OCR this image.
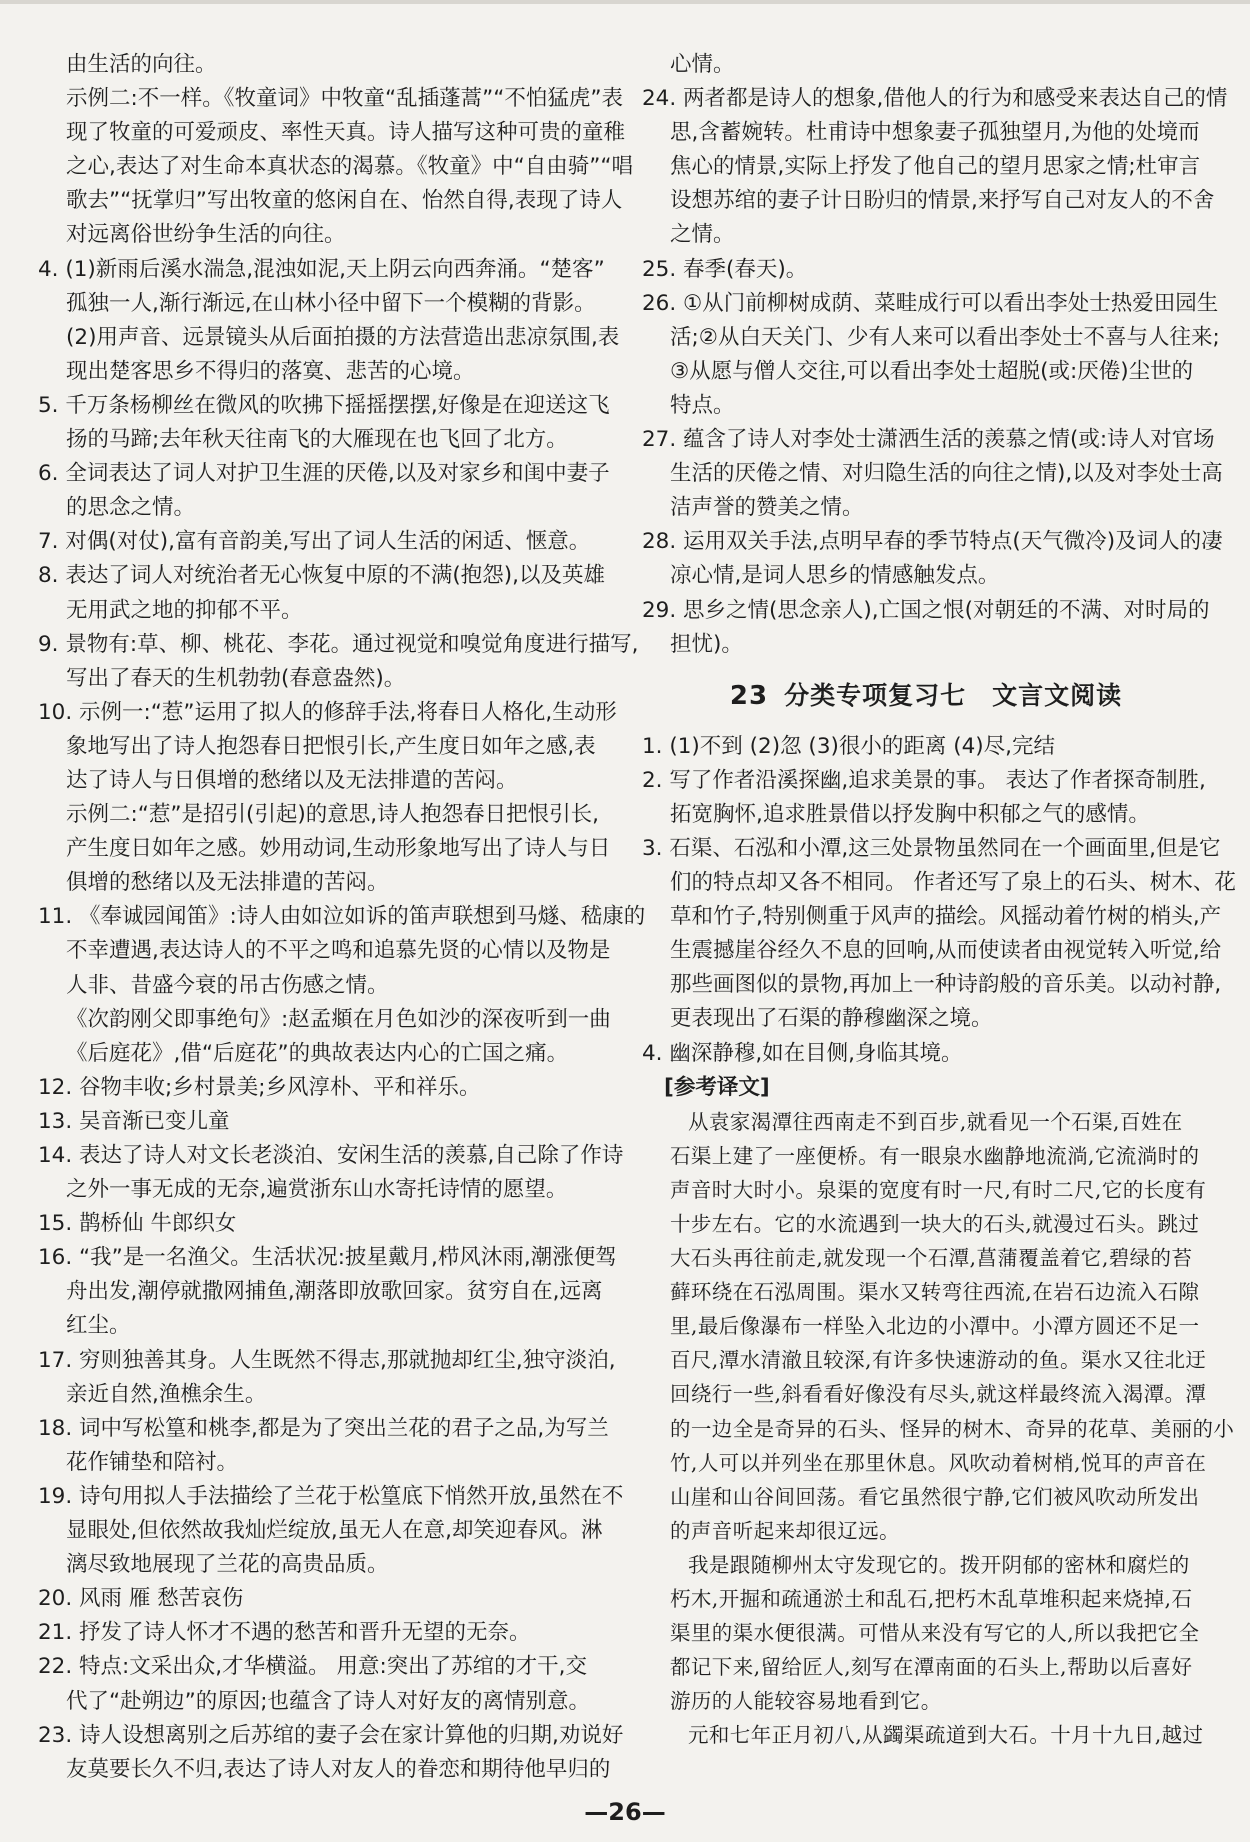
由生活的向往。
示例二:不一样。《牧童词》中牧童“乱插蓬蒿”“不怕猛虎”表
现了牧童的可爱顽皮、率性天真。诗人描写这种可贵的童稚
之心,表达了对生命本真状态的渴慕。《牧童》中“自由骑”“唱
歌去”“抚掌归”写出牧童的悠闲自在、怡然自得,表现了诗人
对远离俗世纷争生活的向往。
4. (1)新雨后溪水湍急,混浊如泥,天上阴云向西奔涌。“楚客”
孤独一人,渐行渐远,在山林小径中留下一个模糊的背影。
(2)用声音、远景镜头从后面拍摄的方法营造出悲凉氛围,表
现出楚客思乡不得归的落寞、悲苦的心境。
5. 千万条杨柳丝在微风的吹拂下摇摇摆摆,好像是在迎送这飞
扬的马蹄;去年秋天往南飞的大雁现在也飞回了北方。
6. 全词表达了词人对护卫生涯的厌倦,以及对家乡和闺中妻子
的思念之情。
7. 对偶(对仗),富有音韵美,写出了词人生活的闲适、惬意。
8. 表达了词人对统治者无心恢复中原的不满(抱怨),以及英雄
无用武之地的抑郁不平。
9. 景物有:草、柳、桃花、李花。通过视觉和嗅觉角度进行描写,
写出了春天的生机勃勃(春意盎然)。
10. 示例一:“惹”运用了拟人的修辞手法,将春日人格化,生动形
象地写出了诗人抱怨春日把恨引长,产生度日如年之感,表
达了诗人与日俱增的愁绪以及无法排遣的苦闷。
示例二:“惹”是招引(引起)的意思,诗人抱怨春日把恨引长,
产生度日如年之感。妙用动词,生动形象地写出了诗人与日
俱增的愁绪以及无法排遣的苦闷。
11. 《奉诚园闻笛》:诗人由如泣如诉的笛声联想到马燧、嵇康的
不幸遭遇,表达诗人的不平之鸣和追慕先贤的心情以及物是
人非、昔盛今衰的吊古伤感之情。
《次韵刚父即事绝句》:赵孟頫在月色如沙的深夜听到一曲
《后庭花》,借“后庭花”的典故表达内心的亡国之痛。
12. 谷物丰收;乡村景美;乡风淳朴、平和祥乐。
13. 吴音渐已变儿童
14. 表达了诗人对文长老淡泊、安闲生活的羡慕,自己除了作诗
之外一事无成的无奈,遍赏浙东山水寄托诗情的愿望。
15. 鹊桥仙 牛郎织女
16. “我”是一名渔父。生活状况:披星戴月,栉风沐雨,潮涨便驾
舟出发,潮停就撒网捕鱼,潮落即放歌回家。贫穷自在,远离
红尘。
17. 穷则独善其身。人生既然不得志,那就抛却红尘,独守淡泊,
亲近自然,渔樵余生。
18. 词中写松篁和桃李,都是为了突出兰花的君子之品,为写兰
花作铺垫和陪衬。
19. 诗句用拟人手法描绘了兰花于松篁底下悄然开放,虽然在不
显眼处,但依然故我灿烂绽放,虽无人在意,却笑迎春风。淋
漓尽致地展现了兰花的高贵品质。
20. 风雨 雁 愁苦哀伤
21. 抒发了诗人怀才不遇的愁苦和晋升无望的无奈。
22. 特点:文采出众,才华横溢。 用意:突出了苏绾的才干,交
代了“赴朔边”的原因;也蕴含了诗人对好友的离情别意。
23. 诗人设想离别之后苏绾的妻子会在家计算他的归期,劝说好
友莫要长久不归,表达了诗人对友人的眷恋和期待他早归的
心情。
24. 两者都是诗人的想象,借他人的行为和感受来表达自己的情
思,含蓄婉转。杜甫诗中想象妻子孤独望月,为他的处境而
焦心的情景,实际上抒发了他自己的望月思家之情;杜审言
设想苏绾的妻子计日盼归的情景,来抒写自己对友人的不舍
之情。
25. 春季(春天)。
26. ①从门前柳树成荫、菜畦成行可以看出李处士热爱田园生
活;②从白天关门、少有人来可以看出李处士不喜与人往来;
③从愿与僧人交往,可以看出李处士超脱(或:厌倦)尘世的
特点。
27. 蕴含了诗人对李处士潇洒生活的羡慕之情(或:诗人对官场
生活的厌倦之情、对归隐生活的向往之情),以及对李处士高
洁声誉的赞美之情。
28. 运用双关手法,点明早春的季节特点(天气微冷)及词人的凄
凉心情,是词人思乡的情感触发点。
29. 思乡之情(思念亲人),亡国之恨(对朝廷的不满、对时局的
担忧)。
23 分类专项复习七 文言文阅读
1. (1)不到 (2)忽 (3)很小的距离 (4)尽,完结
2. 写了作者沿溪探幽,追求美景的事。 表达了作者探奇制胜,
拓宽胸怀,追求胜景借以抒发胸中积郁之气的感情。
3. 石渠、石泓和小潭,这三处景物虽然同在一个画面里,但是它
们的特点却又各不相同。 作者还写了泉上的石头、树木、花
草和竹子,特别侧重于风声的描绘。风摇动着竹树的梢头,产
生震撼崖谷经久不息的回响,从而使读者由视觉转入听觉,给
那些画图似的景物,再加上一种诗韵般的音乐美。以动衬静,
更表现出了石渠的静穆幽深之境。
4. 幽深静穆,如在目侧,身临其境。
[参考译文]
从袁家渴潭往西南走不到百步,就看见一个石渠,百姓在
石渠上建了一座便桥。有一眼泉水幽静地流淌,它流淌时的
声音时大时小。泉渠的宽度有时一尺,有时二尺,它的长度有
十步左右。它的水流遇到一块大的石头,就漫过石头。跳过
大石头再往前走,就发现一个石潭,菖蒲覆盖着它,碧绿的苔
藓环绕在石泓周围。渠水又转弯往西流,在岩石边流入石隙
里,最后像瀑布一样坠入北边的小潭中。小潭方圆还不足一
百尺,潭水清澈且较深,有许多快速游动的鱼。渠水又往北迂
回绕行一些,斜看看好像没有尽头,就这样最终流入渴潭。潭
的一边全是奇异的石头、怪异的树木、奇异的花草、美丽的小
竹,人可以并列坐在那里休息。风吹动着树梢,悦耳的声音在
山崖和山谷间回荡。看它虽然很宁静,它们被风吹动所发出
的声音听起来却很辽远。
我是跟随柳州太守发现它的。拨开阴郁的密林和腐烂的
朽木,开掘和疏通淤土和乱石,把朽木乱草堆积起来烧掉,石
渠里的渠水便很满。可惜从来没有写它的人,所以我把它全
都记下来,留给匠人,刻写在潭南面的石头上,帮助以后喜好
游历的人能较容易地看到它。
元和七年正月初八,从蠲渠疏道到大石。十月十九日,越过
—26—
